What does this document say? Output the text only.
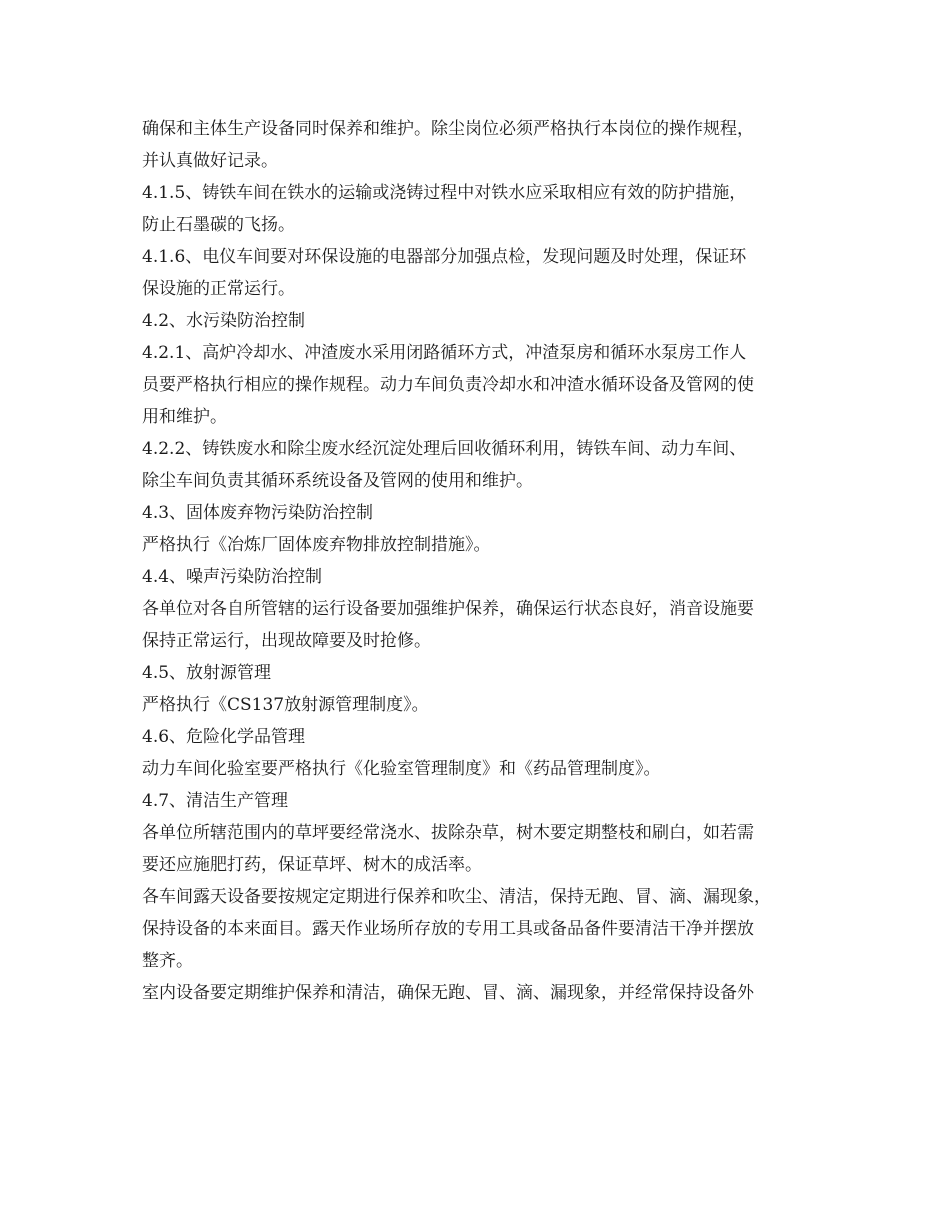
确保和主体生产设备同时保养和维护。除尘岗位必须严格执行本岗位的操作规程，
并认真做好记录。
4.1.5、铸铁车间在铁水的运输或浇铸过程中对铁水应采取相应有效的防护措施，
防止石墨碳的飞扬。
4.1.6、电仪车间要对环保设施的电器部分加强点检，发现问题及时处理，保证环
保设施的正常运行。
4.2、水污染防治控制
4.2.1、高炉冷却水、冲渣废水采用闭路循环方式，冲渣泵房和循环水泵房工作人
员要严格执行相应的操作规程。动力车间负责冷却水和冲渣水循环设备及管网的使
用和维护。
4.2.2、铸铁废水和除尘废水经沉淀处理后回收循环利用，铸铁车间、动力车间、
除尘车间负责其循环系统设备及管网的使用和维护。
4.3、固体废弃物污染防治控制
严格执行《冶炼厂固体废弃物排放控制措施》。
4.4、噪声污染防治控制
各单位对各自所管辖的运行设备要加强维护保养，确保运行状态良好，消音设施要
保持正常运行，出现故障要及时抢修。
4.5、放射源管理
严格执行《CS137放射源管理制度》。
4.6、危险化学品管理
动力车间化验室要严格执行《化验室管理制度》和《药品管理制度》。
4.7、清洁生产管理
各单位所辖范围内的草坪要经常浇水、拔除杂草，树木要定期整枝和刷白，如若需
要还应施肥打药，保证草坪、树木的成活率。
各车间露天设备要按规定定期进行保养和吹尘、清洁，保持无跑、冒、滴、漏现象，
保持设备的本来面目。露天作业场所存放的专用工具或备品备件要清洁干净并摆放
整齐。
室内设备要定期维护保养和清洁，确保无跑、冒、滴、漏现象，并经常保持设备外
